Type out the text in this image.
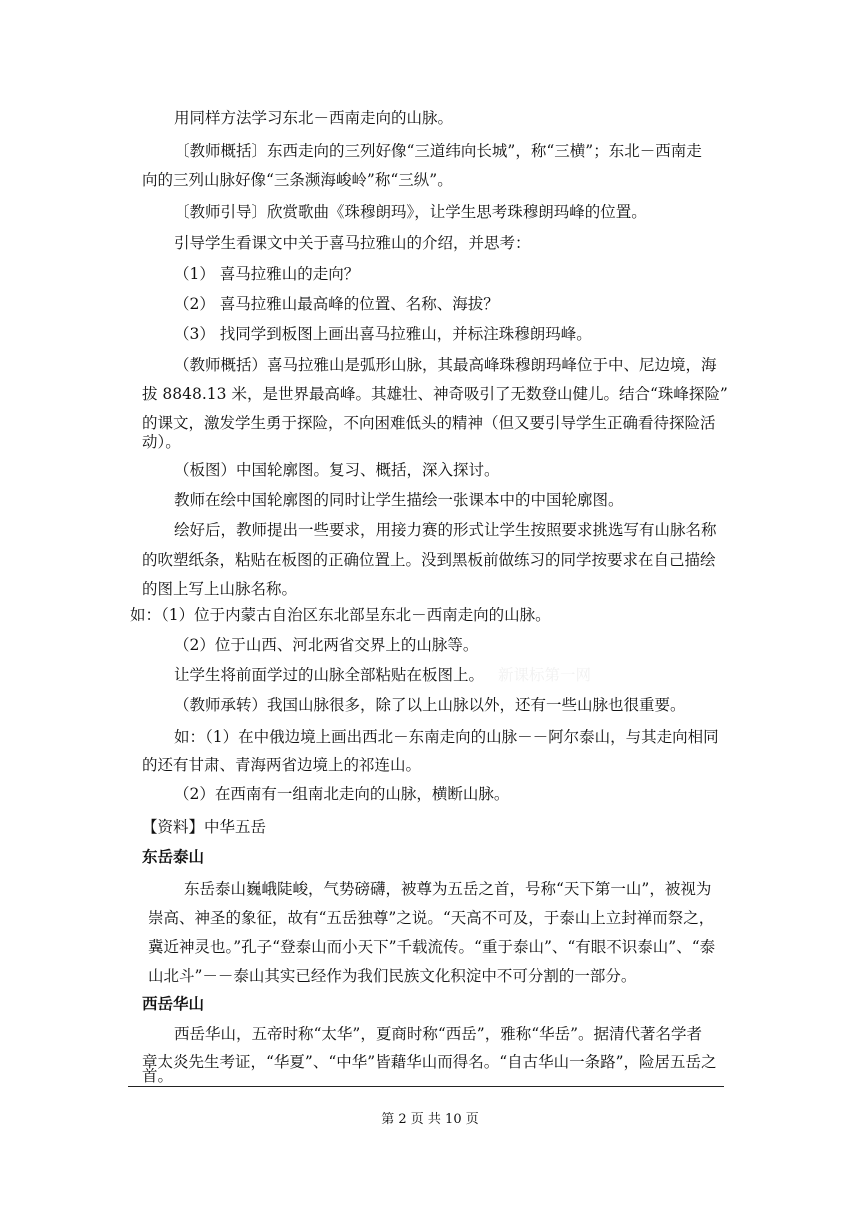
用同样方法学习东北－西南走向的山脉。

〔教师概括〕东西走向的三列好像“三道纬向长城”，称“三横”；东北－西南走

向的三列山脉好像“三条濒海峻岭”称“三纵”。

〔教师引导〕欣赏歌曲《珠穆朗玛》，让学生思考珠穆朗玛峰的位置。

引导学生看课文中关于喜马拉雅山的介绍，并思考：

（1） 喜马拉雅山的走向？

（2） 喜马拉雅山最高峰的位置、名称、海拔？

（3） 找同学到板图上画出喜马拉雅山，并标注珠穆朗玛峰。

（教师概括）喜马拉雅山是弧形山脉，其最高峰珠穆朗玛峰位于中、尼边境，海

拔 8848.13 米，是世界最高峰。其雄壮、神奇吸引了无数登山健儿。结合“珠峰探险”

的课文，激发学生勇于探险，不向困难低头的精神（但又要引导学生正确看待探险活

动）。

（板图）中国轮廓图。复习、概括，深入探讨。

教师在绘中国轮廓图的同时让学生描绘一张课本中的中国轮廓图。

绘好后，教师提出一些要求，用接力赛的形式让学生按照要求挑选写有山脉名称

的吹塑纸条，粘贴在板图的正确位置上。没到黑板前做练习的同学按要求在自己描绘

的图上写上山脉名称。

如：（1）位于内蒙古自治区东北部呈东北－西南走向的山脉。

（2）位于山西、河北两省交界上的山脉等。

让学生将前面学过的山脉全部粘贴在板图上。 新课标第一网

（教师承转）我国山脉很多，除了以上山脉以外，还有一些山脉也很重要。

如：（1）在中俄边境上画出西北－东南走向的山脉－－阿尔泰山，与其走向相同

的还有甘肃、青海两省边境上的祁连山。

（2）在西南有一组南北走向的山脉，横断山脉。

【资料】中华五岳

东岳泰山

东岳泰山巍峨陡峻，气势磅礴，被尊为五岳之首，号称“天下第一山”，被视为

崇高、神圣的象征，故有“五岳独尊”之说。“天高不可及，于泰山上立封禅而祭之，

冀近神灵也。”孔子“登泰山而小天下”千载流传。“重于泰山”、“有眼不识泰山”、“泰

山北斗”－－泰山其实已经作为我们民族文化积淀中不可分割的一部分。

西岳华山

西岳华山，五帝时称“太华”，夏商时称“西岳”，雅称“华岳”。据清代著名学者

章太炎先生考证，“华夏”、“中华”皆藉华山而得名。“自古华山一条路”，险居五岳之

首。

第 2 页 共 10 页
